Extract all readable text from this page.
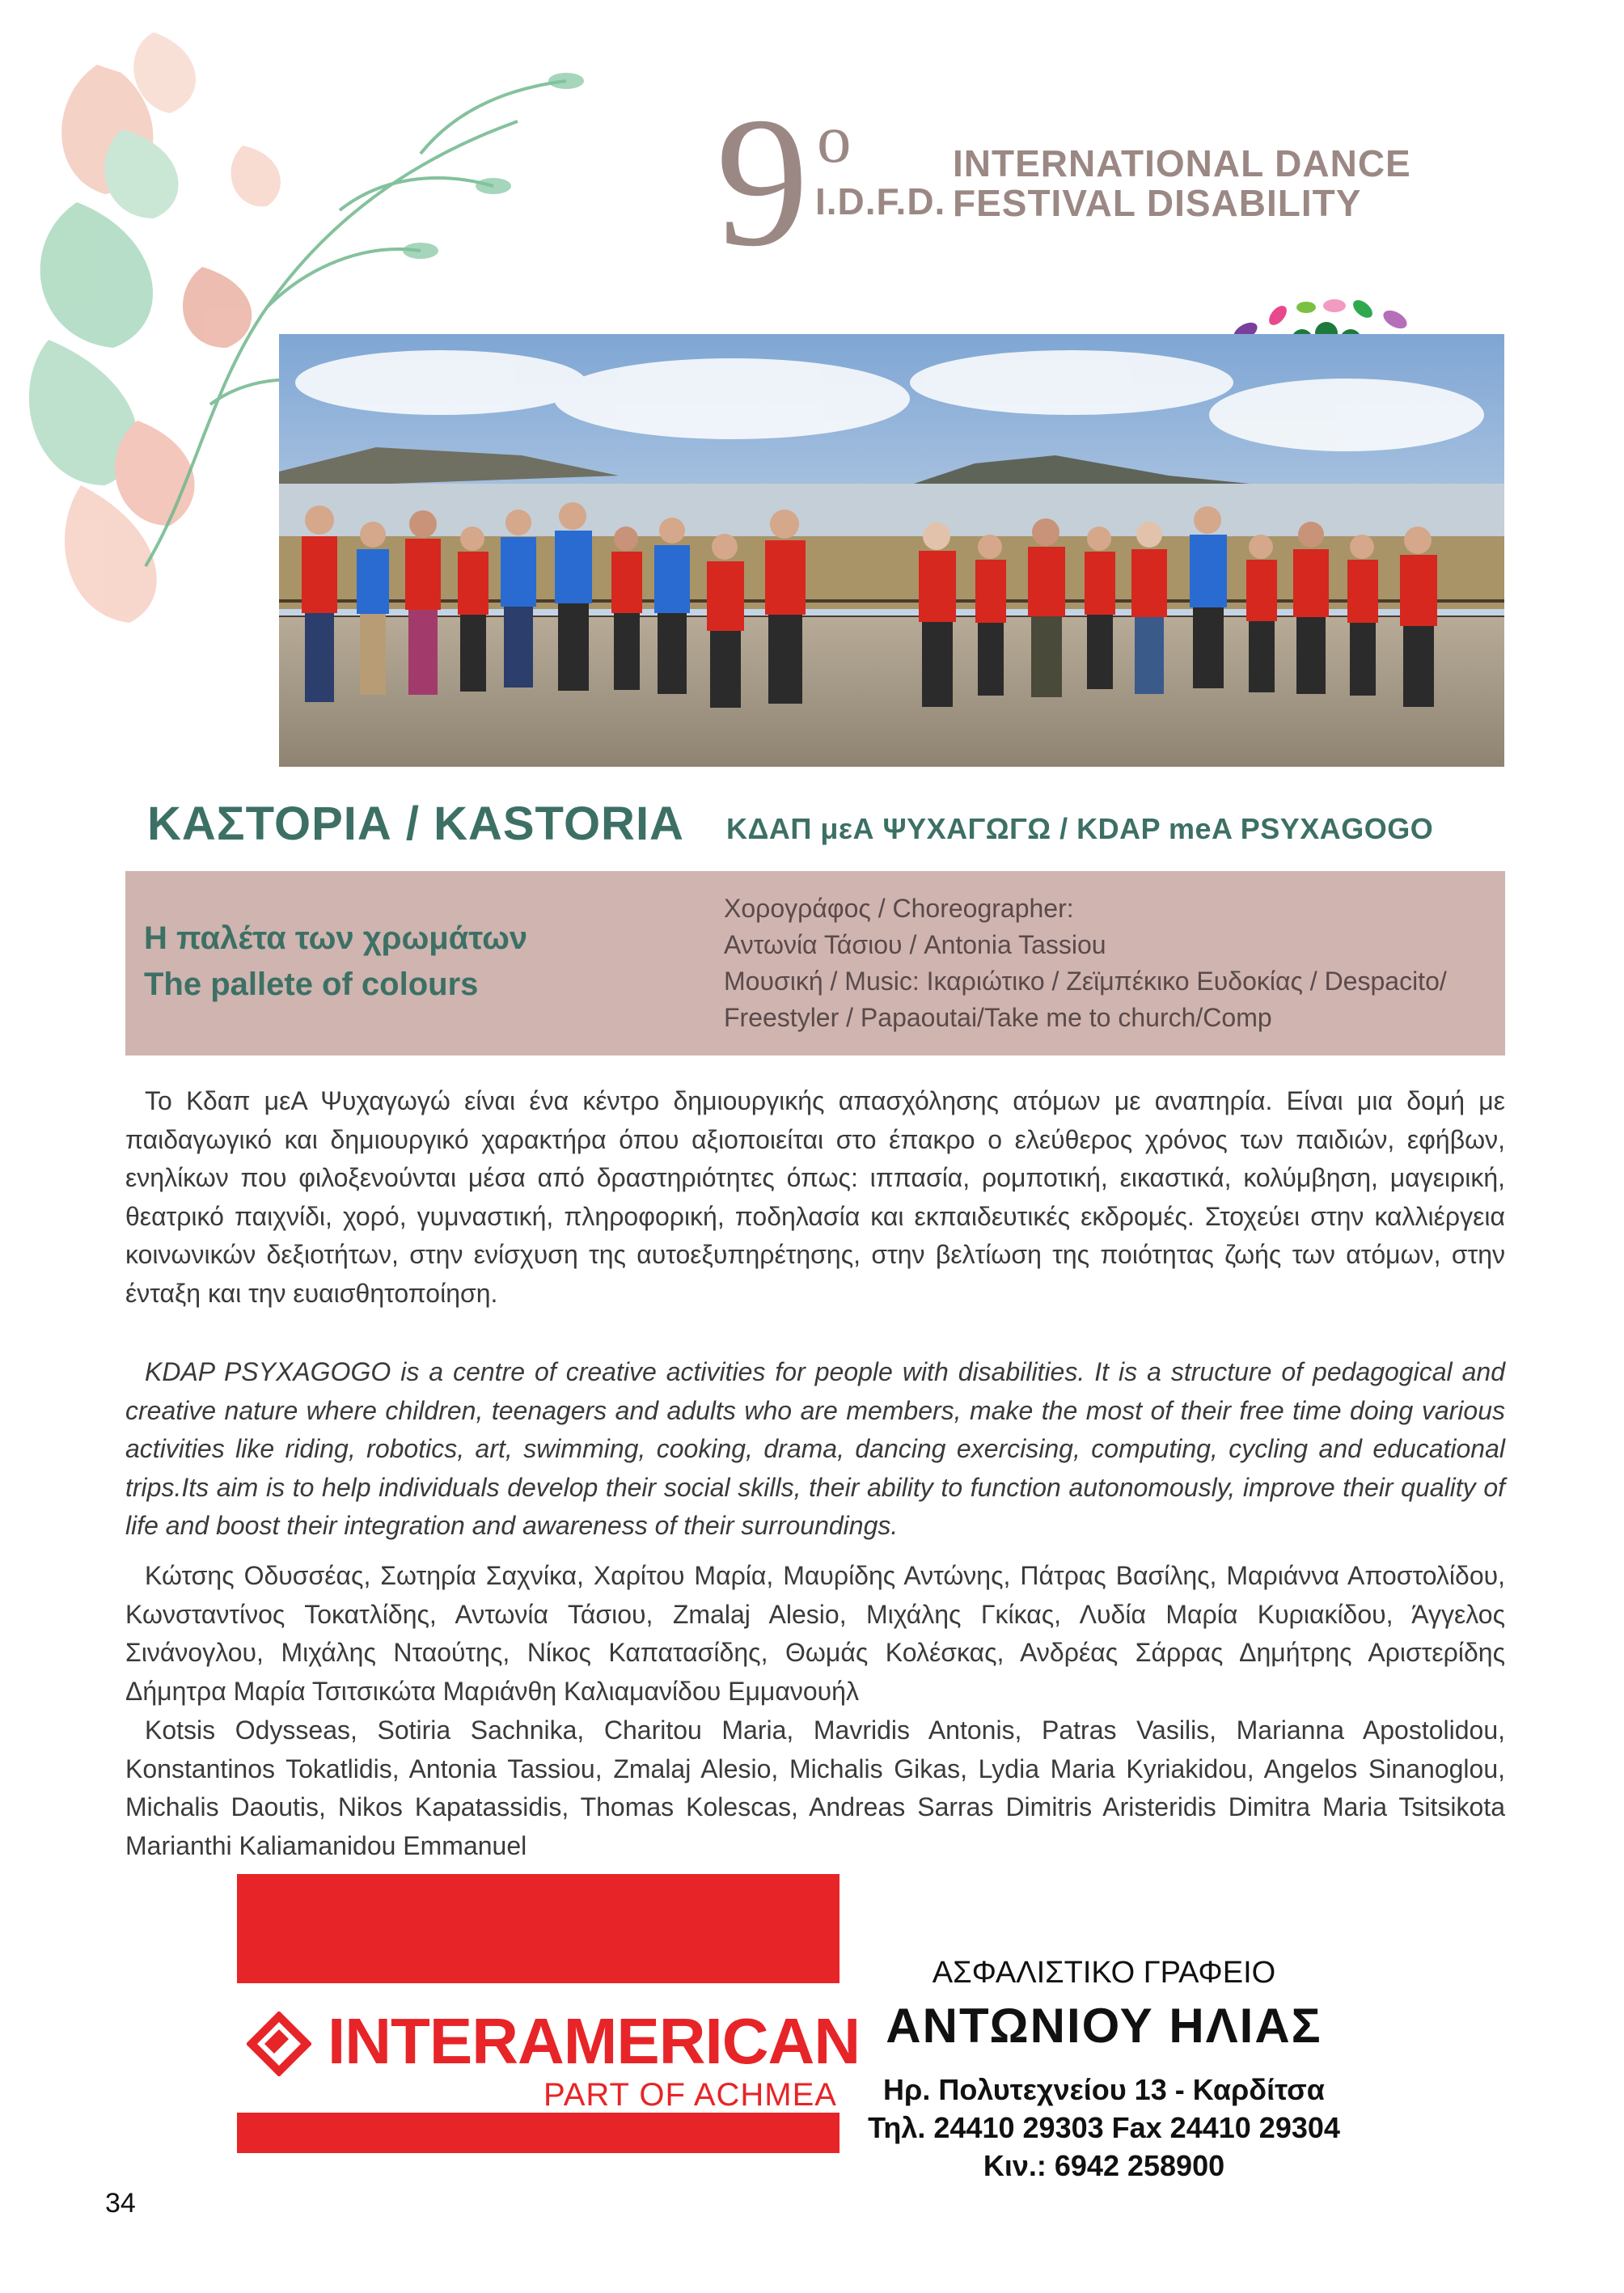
9 ο
I.D.F.D.
INTERNATIONAL DANCE
FESTIVAL DISABILITY
ΚΑΣΤΟΡΙΑ / KASTORIA ΚΔΑΠ μεΑ ΨΥΧΑΓΩΓΩ / KDAP meA PSYXAGOGO
Η παλέτα των χρωμάτων
The pallete of colours
Χορογράφος / Choreographer:
Αντωνία Τάσιου / Antonia Tassiou
Μουσική / Music: Ικαριώτικο / Ζεϊμπέκικο Ευδοκίας / Despacito/
Freestyler / Papaoutai/Take me to church/Comp
Το Κδαπ μεΑ Ψυχαγωγώ είναι ένα κέντρο δημιουργικής απασχόλησης ατόμων με αναπηρία. Είναι μια δομή με παιδαγωγικό και δημιουργικό χαρακτήρα όπου αξιοποιείται στο έπακρο ο ελεύθερος χρόνος των παιδιών, εφήβων, ενηλίκων που φιλοξενούνται μέσα από δραστηριότητες όπως: ιππασία, ρομποτική, εικαστικά, κολύμβηση, μαγειρική, θεατρικό παιχνίδι, χορό, γυμναστική, πληροφορική, ποδηλασία και εκπαιδευτικές εκδρομές. Στοχεύει στην καλλιέργεια κοινωνικών δεξιοτήτων, στην ενίσχυση της αυτοεξυπηρέτησης, στην βελτίωση της ποιότητας ζωής των ατόμων, στην ένταξη και την ευαισθητοποίηση.
KDAP PSYXAGOGO is a centre of creative activities for people with disabilities. It is a structure of pedagogical and creative nature where children, teenagers and adults who are members, make the most of their free time doing various activities like riding, robotics, art, swimming, cooking, drama, dancing exercising, computing, cycling and educational trips.Its aim is to help individuals develop their social skills, their ability to function autonomously, improve their quality of life and boost their integration and awareness of their surroundings.
Κώτσης Οδυσσέας, Σωτηρία Σαχνίκα, Χαρίτου Μαρία, Μαυρίδης Αντώνης, Πάτρας Βασίλης, Μαριάννα Αποστολίδου, Κωνσταντίνος Τοκατλίδης, Αντωνία Τάσιου, Zmalaj Alesio, Μιχάλης Γκίκας, Λυδία Μαρία Κυριακίδου, Άγγελος Σινάνογλου, Μιχάλης Νταούτης, Νίκος Καπατασίδης, Θωμάς Κολέσκας, Ανδρέας Σάρρας Δημήτρης Αριστερίδης Δήμητρα Μαρία Τσιτσικώτα Μαριάνθη Καλιαμανίδου Εμμανουήλ
Kotsis Odysseas, Sotiria Sachnika, Charitou Maria, Mavridis Antonis, Patras Vasilis, Marianna Apostolidou, Konstantinos Tokatlidis, Antonia Tassiou, Zmalaj Alesio, Michalis Gikas, Lydia Maria Kyriakidou, Angelos Sinanoglou, Michalis Daoutis, Nikos Kapatassidis, Thomas Kolescas, Andreas Sarras Dimitris Aristeridis Dimitra Maria Tsitsikota Marianthi Kaliamanidou Emmanuel
INTERAMERICAN
PART OF ACHMEA
ΑΣΦΑΛΙΣΤΙΚΟ ΓΡΑΦΕΙΟ
ΑΝΤΩΝΙΟΥ ΗΛΙΑΣ
Ηρ. Πολυτεχνείου 13 - Καρδίτσα
Τηλ. 24410 29303 Fax 24410 29304
Κιν.: 6942 258900
34
